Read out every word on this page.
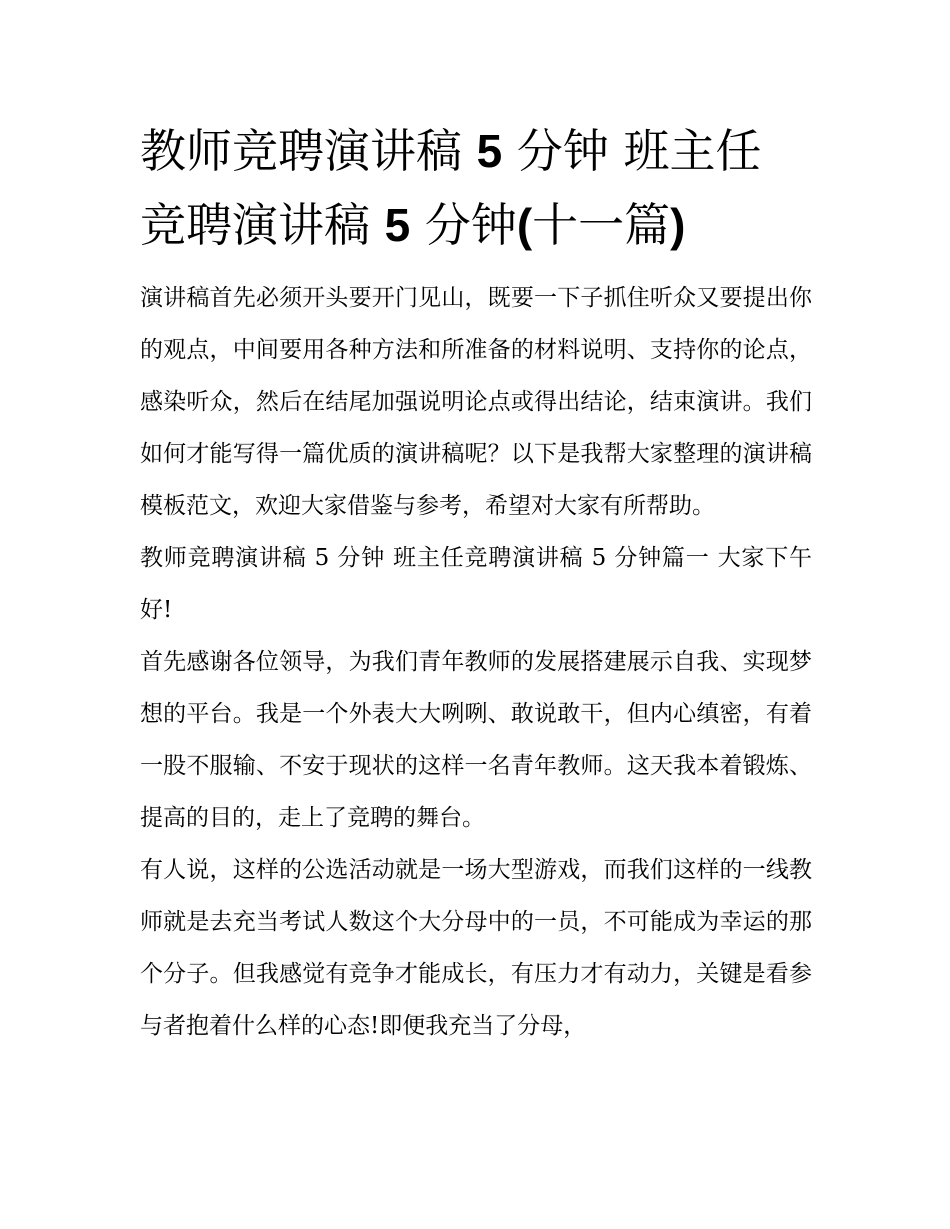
教师竞聘演讲稿 5 分钟 班主任
竞聘演讲稿 5 分钟(十一篇)

演讲稿首先必须开头要开门见山，既要一下子抓住听众又要提出你的观点，中间要用各种方法和所准备的材料说明、支持你的论点，感染听众，然后在结尾加强说明论点或得出结论，结束演讲。我们如何才能写得一篇优质的演讲稿呢？以下是我帮大家整理的演讲稿模板范文，欢迎大家借鉴与参考，希望对大家有所帮助。

教师竞聘演讲稿 5 分钟 班主任竞聘演讲稿 5 分钟篇一 大家下午好!

首先感谢各位领导，为我们青年教师的发展搭建展示自我、实现梦想的平台。我是一个外表大大咧咧、敢说敢干，但内心缜密，有着一股不服输、不安于现状的这样一名青年教师。这天我本着锻炼、提高的目的，走上了竞聘的舞台。

有人说，这样的公选活动就是一场大型游戏，而我们这样的一线教师就是去充当考试人数这个大分母中的一员，不可能成为幸运的那个分子。但我感觉有竞争才能成长，有压力才有动力，关键是看参与者抱着什么样的心态!即便我充当了分母，
